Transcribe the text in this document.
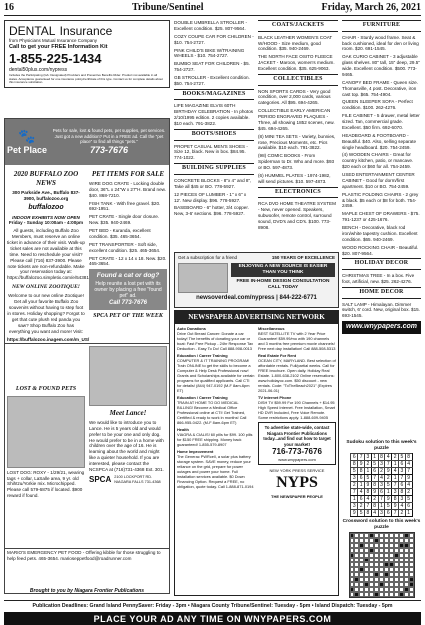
16	Tribune/Sentinel	Friday, March 26, 2021
DENTAL Insurance
from Physicians Mutual Insurance Company
Call to get your FREE Information Kit
1-855-225-1434
dental50plus.com/nypress
Includes the Participating (GA: Designated) Providers and Preventive Benefits Rider. Product not available in all states. Acceptance guaranteed for one insurance policy/certificate of this type. Contact us for complete details about this insurance solicitation.
🐾
Pet Place
Pets for sale, lost & found pets, pet supplies, pet services. Just got a new addition? Put in a FREE ad. Call the "pet place" to find all things "pets."
773-7676
2020 BUFFALO ZOO NEWS
300 Parkside Ave., Buffalo 837-3900, buffalozoo.org
buffalozoo
INDOOR EXHIBITS NOW OPEN
Friday - Sunday 10:00am - 4:00pm

All guests, including Buffalo Zoo Members, must reserve an online ticket in advance of their visit. Walk-up ticket sales are not available at this time. Need to reschedule your visit? Please call (716) 837-3900. Please note tickets are non-refundable. Make your reservation today at: https://buffalozoo.simpletix.com/e/54381

NEW ONLINE ZOOTIQUE!

Welcome to our new online Zootique! Get all your favorite Buffalo Zoo souvenirs without having to step foot in stores. Holiday shopping? Forgot to get that cute plush red panda you saw? Shop Buffalo Zoo has everything you want and more! Visit:

https://buffalozoo.inagem.com/m_US/
PET ITEMS FOR SALE

WIRE DOG CRATE - Locking double door, 36"L x 24"W x 27"H. Brand new. $40. 868-7210.

FISH TANK - With free gravel. $20. 692-1951.

PET CRATE - Single door closure. New. $35. 940-2469.

PET BED - Kuranda, excellent condition. $35. 465-3654.

PET TRANSPORTER - Soft side, excellent condition. $25. 465-3654.

PET CRATE - 12 x 14 x 18. New. $20. 465-3654.

Found a cat or dog?
Help reunite a lost pet with its owner by placing a free "found pet" ad.
Call 773-7676
SPCA PET OF THE WEEK
LOST & FOUND PETS

LOST DOG: ROXY - 1/29/21, wearing tags + collar, LaSalle area, 9 yr. old Shihtzu/Yorkie mix. Microchipped. Please call 579-6875 if located. $900 reward if found.

Meet Lance!

We would like to introduce you to Lance. He is 5 years old and would prefer to be your one and only dog. He would prefer to be in a home with children over the age of 16. He is learning about the world and might like a quieter household. If you are interested, please contact the NCSPCA at (716)731-4368 Ext. 301.

SPCA 2100 LOCKPORT RD. NIAGARA FALLS 731-4368

MARIO'S EMERGENCY PET FOOD - Offering kibble for those struggling to help feed pets. 465-3654. marioseppetfood@roadrunner.com

Brought to you by Niagara Frontier Publications

DOUBLE UMBRELLA STROLLER - Excellent condition. $25. 807-9564.

COZY COUPE CAR FOR CHILDREN - $10. 754-2727.

PINK CHILD'S BIKE W/TRAINING WHEELS - $10. 754-2727.

BUMBO SEAT FOR CHILDREN - $5. 754-2727.

GB STROLLER - Excellent condition. $50. 754-2727.

BOOKS/MAGAZINES

LIFE MAGAZINE ELVIS 60TH BIRTHDAY CELEBRATION - In photos 2/10/1995 edition. 2 copies available. $10 each. 791-3822.

BOOTS/SHOES

PROPET CASUAL MEN'S SHOES - Size 12, black. New in box. $84.95. 774-1022.

BUILDING SUPPLIES

CONCRETE BLOCKS - 8"x 4" and 8", Take all $45 or BO. 778-5927.

12 PIECES OF LUMBER - 1" x 6" x 12'. New display. $96. 778-5927.

BASEBOARD - 6" hotter, 3/4 copper. New, 3-6' sections. $96. 778-5927.

COATS/JACKETS

BLACK LEATHER WOMEN'S COAT W/HOOD - Size medium, good condition. $35. 940-2469.

THE NORTH FACE OSITO FLEECE JACKET - Maroon, women's medium. Excellent condition. $35. 625-9063.

COLLECTIBLES

NON SPORTS CARDS - Very good condition, over 2,000 cards, various categories. All $95. 694-4265.

COLLECTIBLE EARLY AMERICAN PERIOD ENGRAVED PLAQUES - Three, all showing 1852 scenes, new. $45. 694-4265.

(8) MINI TEA SETS - Variety, bunnies, rose, Precious Moments, etc. Pics available. $10 each. 791-3822.

(98) COMIC BOOKS - From Spiderman to Dr. Who and more. $93 or BO. 597-4873.

(6) HUMMEL PLATES - 1974-1982, will send pictures. $10. 597-4873.

ELECTRONICS

RCA DVD HOME THEATRE SYSTEM - New, never opened. Speakers, subwoofer, remote control, surround sound, DVD's and CD's. $100. 773-8908.

FURNITURE

CHAIR - Sturdy wood frame. Seat & back cushioned, ideal for den or living room. $20. 691-1545.

OAK CURIO CABINET - 3 adjustable glass shelves. 80" tall, 15" deep, 29.5" wide. Excellent condition. $500. 773-9465.

CANOPY BED FRAME - Queen size. Thomasville, 4 post. Decorative, iron cast top. $65. 754-4904.

QUEEN SLEEPER SOFA - Perfect condition. $100. 262-4276.

FILE CABINET - 5 drawer, metal letter sized. Tan, commercial grade. Excellent. $50 firm. 692-6070.

HEADBOARD & FOOTBOARD - Beautiful. $40. Also, selling separate single headboard. $20. 754-2459.

(4) WOODEN CHAIRS - Great for country kitchen, patio, or mancave. $20 each or $60 for all. 754-2459.

USED ENTERTAINMENT CENTER CABINET - Good for dorm/first apartment. $10 or BO. 754-2459.

PLASTIC FOLDING CHAIRS - 2 grey & black. $5 each or $8 for both. 754-2459.

MAPLE CHEST OF DRAWERS - $75. 791-1237 or 425-1676.

BENCH - Decorative, black rod iron/white tapestry cushion. Excellent condition. $65. 940-2469.

WOOD ROCKING CHAIR - Beautiful. $20. 807-9564.

HOLIDAY DECOR

CHRISTMAS TREE - In a box. Five foot, artificial, new. $25. 262-4276.

HOME DECOR

SALT LAMP - Himalayan. Dimmer switch, 6' cord. New, original box. $15. 693-1545.

www.wnypapers.com
Get a subscription for a friend	150 YEARS OF EXCELLENCE
ENJOYING A NEW SOURCE IS EASIER THAN YOU THINK
FREE IN-HOME DESIGN CONSULTATION CALL TODAY
newsoverdeal.com/nypress | 844-222-6771
NEWSPAPER ADVERTISING NETWORK
Auto Donations

Drive Out Breast Cancer: Donate a car today! The benefits of donating your car or boat: Fast Free Pickup - 24hr Response Tax Deduction - Easy To Do! Call 888-908-0013

Education / Career Training

COMPUTER & IT TRAINING PROGRAM! Train ONLINE to get the skills to become a Computer & Help Desk Professional now! Grants and Scholarships available for certain programs for qualified applicants. Call CTI for details! (844) 947-0192 (M-F 8am-6pm ET)

Education / Career Training

TRAIN AT HOME TO DO MEDICAL BILLING! Become a Medical Office Professional online at CTI! Get Trained, Certified & ready to work in months! Call 866-955-0422. (M-F 8am-6pm ET)

Health

VIAGRA & CIALIS! 60 pills for $99. 100 pills for $150 FREE shipping. Money back guaranteed! 1-855-579-8907

Home Improvement

The Generac PWRcell, a solar plus battery storage system. SAVE money, reduce your reliance on the grid, prepare for power outages and power your home. Full installation services available. $0 Down Financing Option. Request a FREE, no obligation, quote today. Call 1-888-871-0194

Miscellaneous

BEST SATELLITE TV with 2 Year Price Guarantee! $59.99/mo with 190 channels and 3 months free premium movie channels! Free next day installation! Call 888-508-5313

Real Estate For Rent

OCEAN CITY, MARYLAND. Best selection of affordable rentals. Full/partial weeks. Call for FREE brochure. Open daily. Holiday Real Estate. 1-800-638-2102 Online reservations: www.holidayoc.com. $50 discount - new rentals. Code: "ToTheBeach2021" (Expires 2021-06-01)

TV Internet Phone

DISH TV $59.99 For 190 Channels + $14.95 High Speed Internet. Free Installation, Smart HD DVR Included, Free Voice Remote. Some restrictions apply. 1-888-609-9405

To advertise state-wide, contact Niagara Frontier Publications today...and find out how to target your market!
716-773-7676
www.wnypapers.com
NEW YORK PRESS SERVICE
NYPS
THE NEWSPAPER PEOPLE
Sudoku solution to this week's puzzle
6	7	3	1	8	4	2	5	8
8	9	2	5	3	7	1	6	4
5	8	1	6	2	9	4	3	7
3	6	5	7	4	2	1	7	9
2	1	9	8	3	5	7	6	4
7	4	8	9	6	1	3	8	2
1	6	4	2	7	9	8	3	5
3	2	7	8	1	5	9	4	6
9	5	8	4	3	6	7	2	1
Crossword solution to this week's puzzle
Publication Deadlines: Grand Island PennySaver: Friday - 3pm • Niagara County Tribune/Sentinel: Tuesday - 5pm • Island Dispatch: Tuesday - 5pm
PLACE YOUR AD ANY TIME ON WNYPAPERS.COM
